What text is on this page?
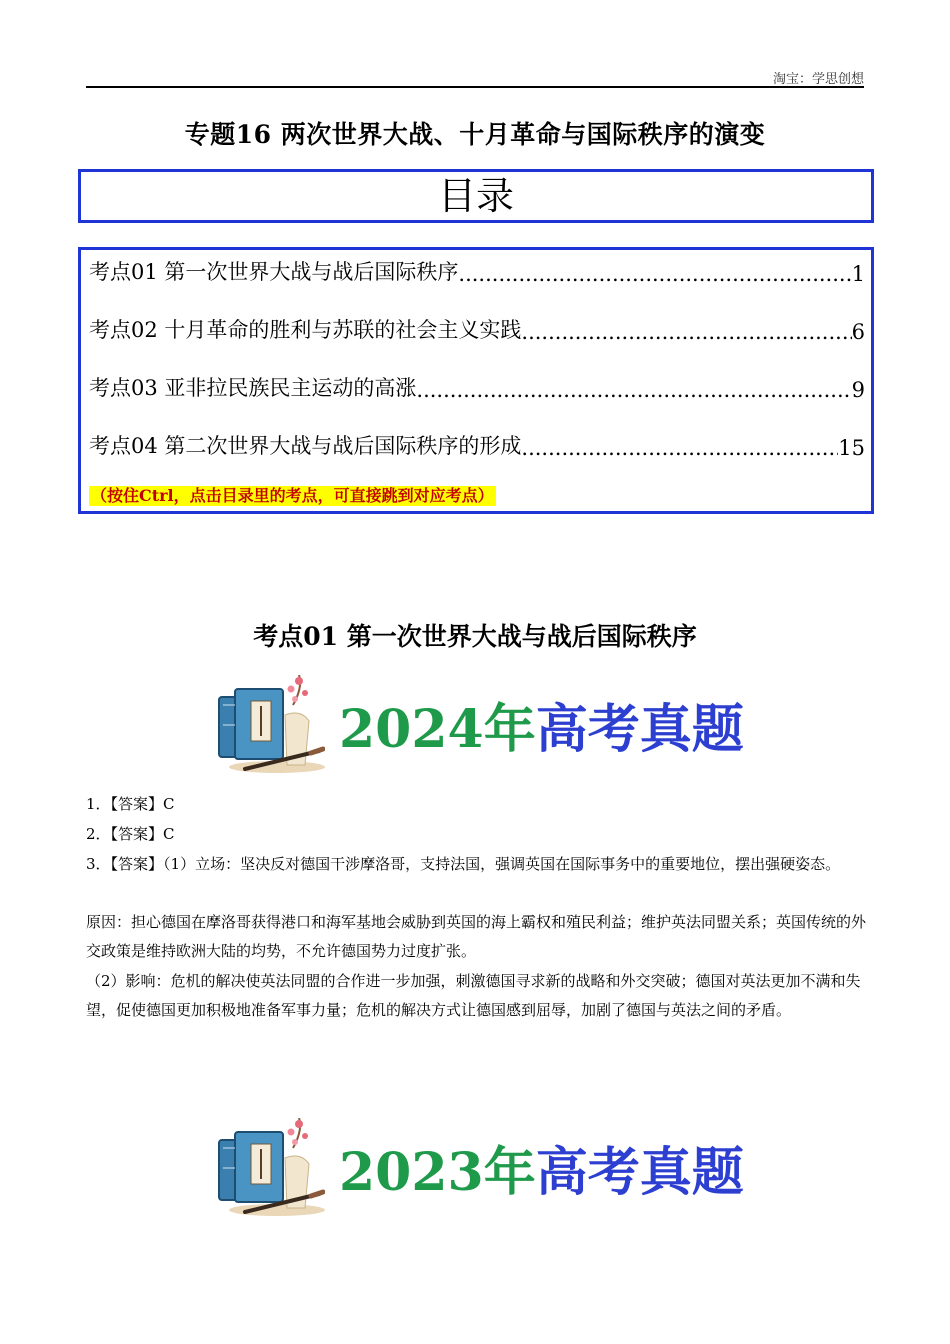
淘宝：学思创想
专题16 两次世界大战、十月革命与国际秩序的演变
目录
考点01 第一次世界大战与战后国际秩序 .....	1
考点02 十月革命的胜利与苏联的社会主义实践 .....	6
考点03 亚非拉民族民主运动的高涨 .....	9
考点04 第二次世界大战与战后国际秩序的形成 .....	15
（按住Ctrl，点击目录里的考点，可直接跳到对应考点）
考点01 第一次世界大战与战后国际秩序
2024年高考真题
1．【答案】C
2．【答案】C
3．【答案】（1）立场：坚决反对德国干涉摩洛哥，支持法国，强调英国在国际事务中的重要地位，摆出强硬姿态。
原因：担心德国在摩洛哥获得港口和海军基地会威胁到英国的海上霸权和殖民利益；维护英法同盟关系；英国传统的外交政策是维持欧洲大陆的均势，不允许德国势力过度扩张。
（2）影响：危机的解决使英法同盟的合作进一步加强，刺激德国寻求新的战略和外交突破；德国对英法更加不满和失望，促使德国更加积极地准备军事力量；危机的解决方式让德国感到屈辱，加剧了德国与英法之间的矛盾。
2023年高考真题
